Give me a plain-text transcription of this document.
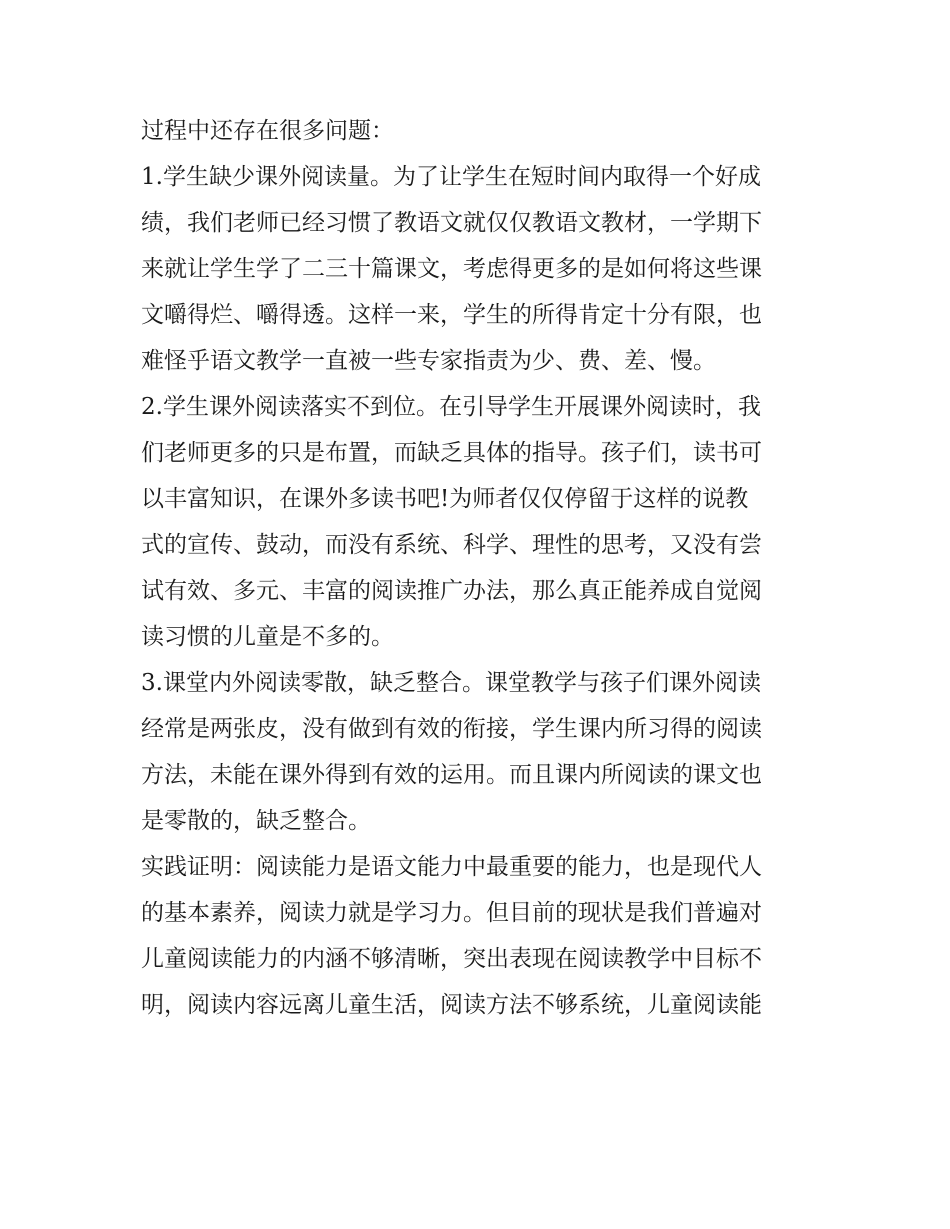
过程中还存在很多问题：
1.学生缺少课外阅读量。为了让学生在短时间内取得一个好成
绩，我们老师已经习惯了教语文就仅仅教语文教材，一学期下
来就让学生学了二三十篇课文，考虑得更多的是如何将这些课
文嚼得烂、嚼得透。这样一来，学生的所得肯定十分有限，也
难怪乎语文教学一直被一些专家指责为少、费、差、慢。
2.学生课外阅读落实不到位。在引导学生开展课外阅读时，我
们老师更多的只是布置，而缺乏具体的指导。孩子们，读书可
以丰富知识，在课外多读书吧!为师者仅仅停留于这样的说教
式的宣传、鼓动，而没有系统、科学、理性的思考，又没有尝
试有效、多元、丰富的阅读推广办法，那么真正能养成自觉阅
读习惯的儿童是不多的。
3.课堂内外阅读零散，缺乏整合。课堂教学与孩子们课外阅读
经常是两张皮，没有做到有效的衔接，学生课内所习得的阅读
方法，未能在课外得到有效的运用。而且课内所阅读的课文也
是零散的，缺乏整合。
实践证明：阅读能力是语文能力中最重要的能力，也是现代人
的基本素养，阅读力就是学习力。但目前的现状是我们普遍对
儿童阅读能力的内涵不够清晰，突出表现在阅读教学中目标不
明，阅读内容远离儿童生活，阅读方法不够系统，儿童阅读能
